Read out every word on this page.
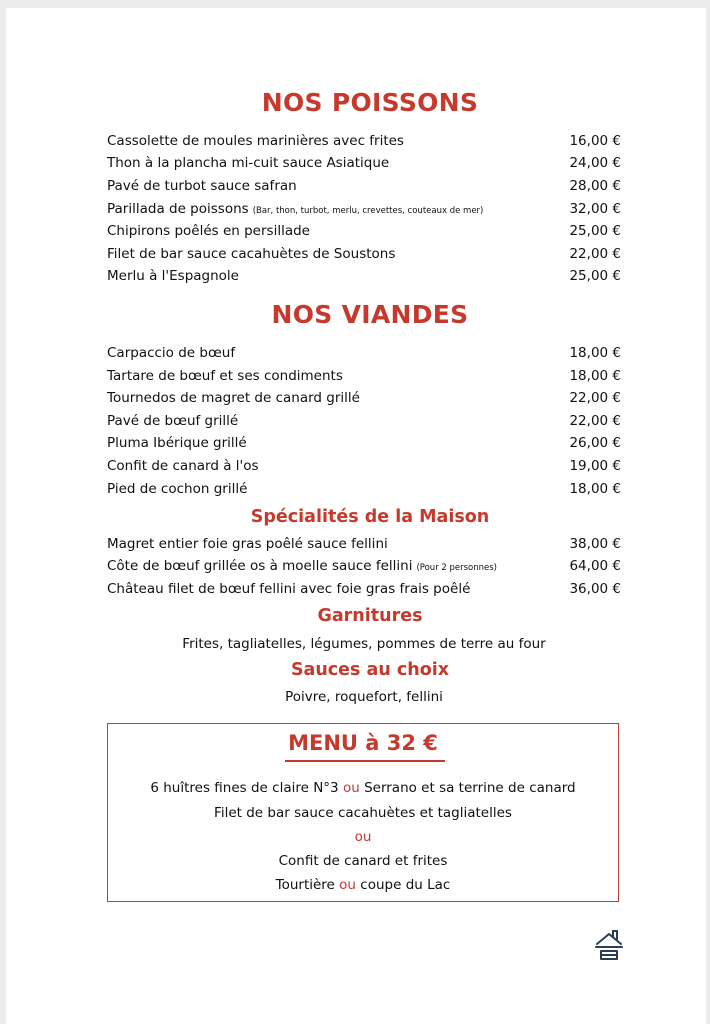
NOS POISSONS
Cassolette de moules marinières avec frites	16,00 €
Thon à la plancha mi-cuit sauce Asiatique	24,00 €
Pavé de turbot sauce safran	28,00 €
Parillada de poissons (Bar, thon, turbot, merlu, crevettes, couteaux de mer)	32,00 €
Chipirons poêlés en persillade	25,00 €
Filet de bar sauce cacahuètes de Soustons	22,00 €
Merlu à l'Espagnole	25,00 €
NOS VIANDES
Carpaccio de bœuf	18,00 €
Tartare de bœuf et ses condiments	18,00 €
Tournedos de magret de canard grillé	22,00 €
Pavé de bœuf grillé	22,00 €
Pluma Ibérique grillé	26,00 €
Confit de canard à l'os	19,00 €
Pied de cochon grillé	18,00 €
Spécialités de la Maison
Magret entier foie gras poêlé sauce fellini	38,00 €
Côte de bœuf grillée os à moelle sauce fellini (Pour 2 personnes)	64,00 €
Château filet de bœuf fellini avec foie gras frais poêlé	36,00 €
Garnitures
Frites, tagliatelles, légumes, pommes de terre au four
Sauces au choix
Poivre, roquefort, fellini
MENU à 32 €
6 huîtres fines de claire N°3 ou Serrano et sa terrine de canard
Filet de bar sauce cacahuètes et tagliatelles
ou
Confit de canard et frites
Tourtière ou coupe du Lac
